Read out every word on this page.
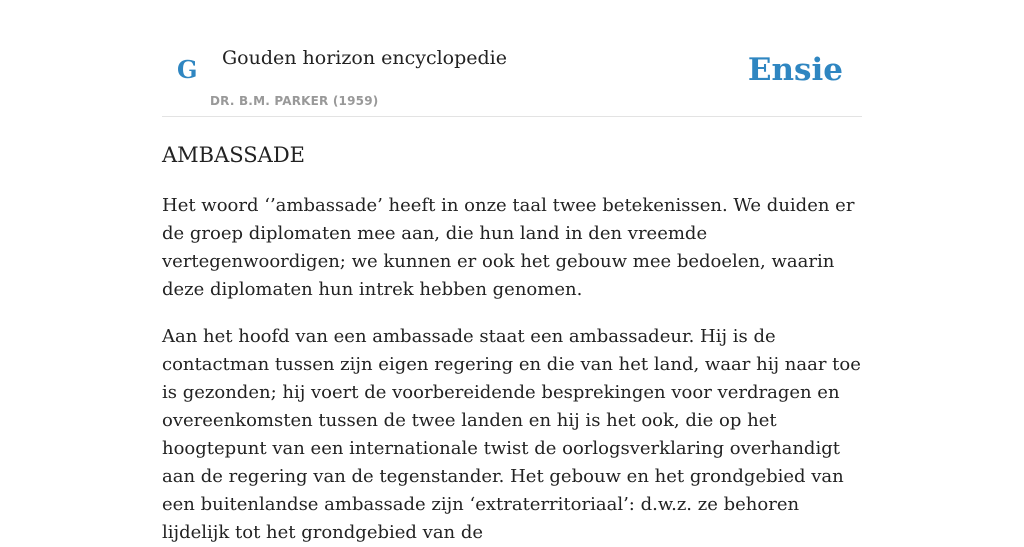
G Gouden horizon encyclopedie
DR. B.M. PARKER (1959)
Ensie
AMBASSADE

Het woord ‘’ambassade’ heeft in onze taal twee betekenissen. We duiden er de groep diplomaten mee aan, die hun land in den vreemde vertegenwoordigen; we kunnen er ook het gebouw mee bedoelen, waarin deze diplomaten hun intrek hebben genomen.

Aan het hoofd van een ambassade staat een ambassadeur. Hij is de contactman tussen zijn eigen regering en die van het land, waar hij naar toe is gezonden; hij voert de voorbereidende besprekingen voor verdragen en overeenkomsten tussen de twee landen en hij is het ook, die op het hoogtepunt van een internationale twist de oorlogsverklaring overhandigt aan de regering van de tegenstander. Het gebouw en het grondgebied van een buitenlandse ambassade zijn ‘extraterritoriaal’: d.w.z. ze behoren lijdelijk tot het grondgebied van de
